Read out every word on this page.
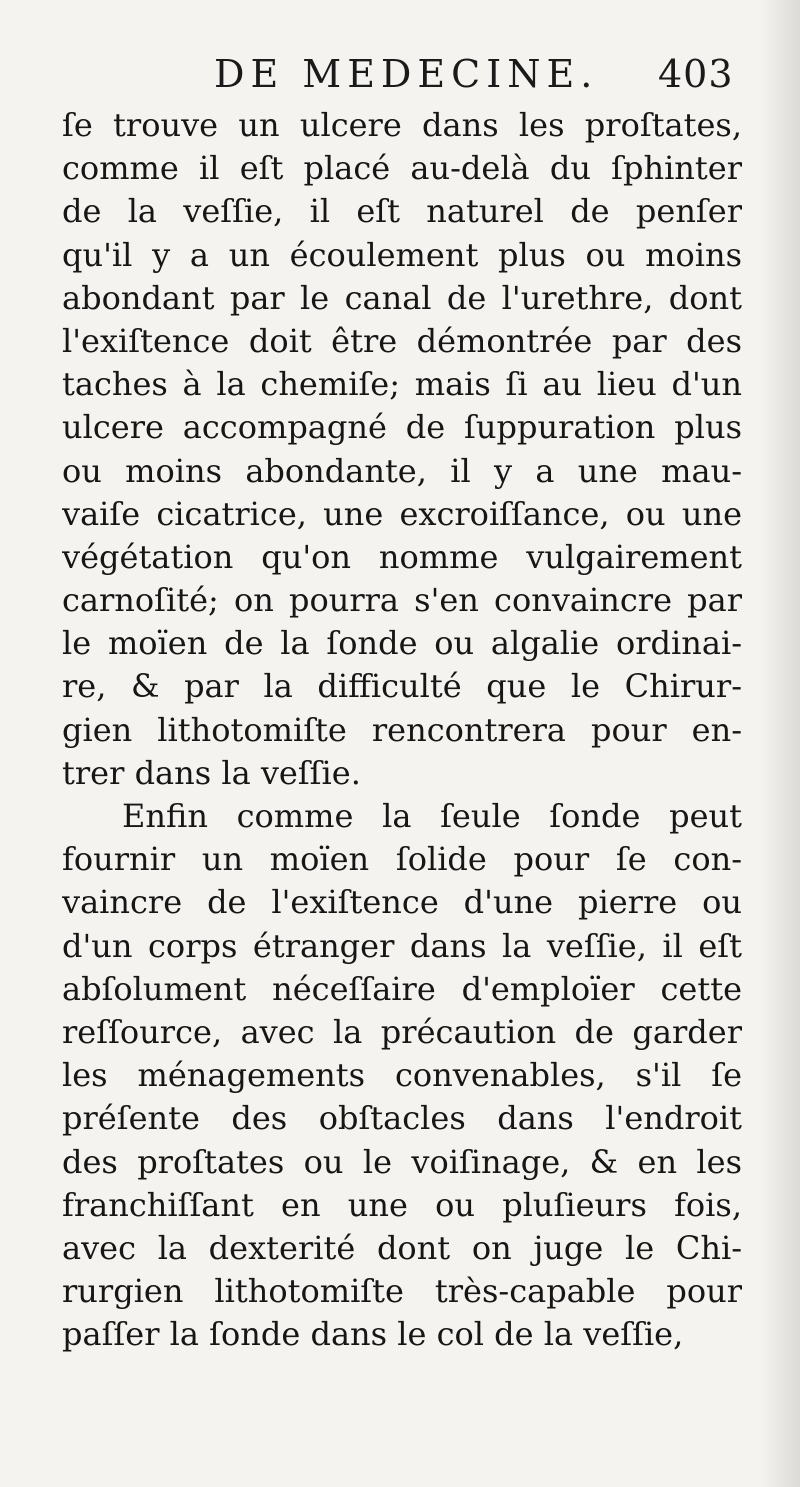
DE MEDECINE. 403
ſe trouve un ulcere dans les proſtates,
comme il eſt placé au-delà du ſphinter
de la veſſie, il eſt naturel de penſer
qu'il y a un écoulement plus ou moins
abondant par le canal de l'urethre, dont
l'exiſtence doit être démontrée par des
taches à la chemiſe; mais ſi au lieu d'un
ulcere accompagné de ſuppuration plus
ou moins abondante, il y a une mau-
vaiſe cicatrice, une excroiſſance, ou une
végétation qu'on nomme vulgairement
carnoſité; on pourra s'en convaincre par
le moïen de la ſonde ou algalie ordinai-
re, & par la difficulté que le Chirur-
gien lithotomiſte rencontrera pour en-
trer dans la veſſie.
Enfin comme la ſeule ſonde peut
fournir un moïen ſolide pour ſe con-
vaincre de l'exiſtence d'une pierre ou
d'un corps étranger dans la veſſie, il eſt
abſolument néceſſaire d'emploïer cette
reſſource, avec la précaution de garder
les ménagements convenables, s'il ſe
préſente des obſtacles dans l'endroit
des proſtates ou le voiſinage, & en les
franchiſſant en une ou pluſieurs fois,
avec la dexterité dont on juge le Chi-
rurgien lithotomiſte très-capable pour
paſſer la ſonde dans le col de la veſſie,
